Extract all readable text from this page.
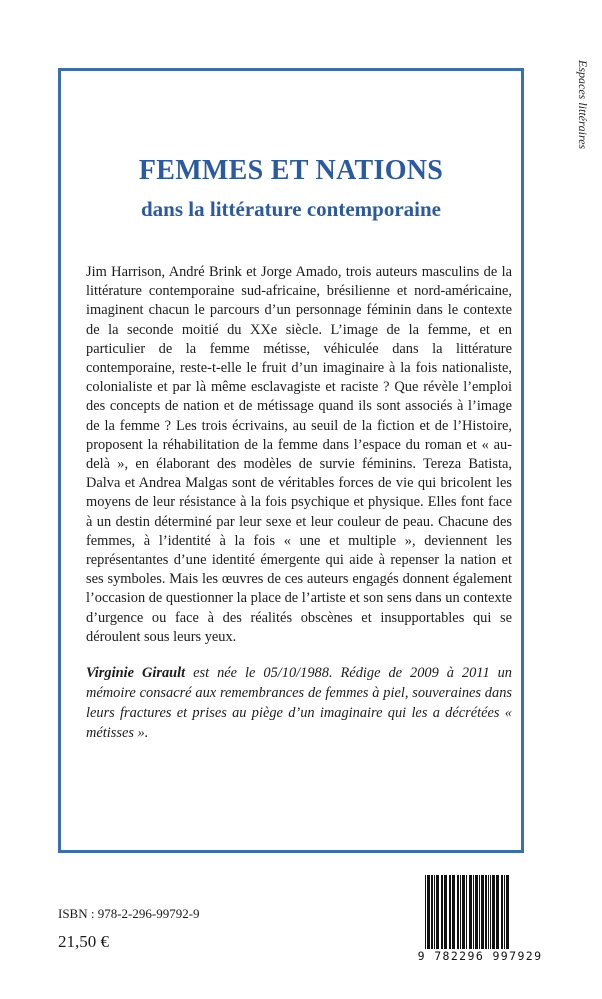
Espaces littéraires
FEMMES ET NATIONS
dans la littérature contemporaine

Jim Harrison, André Brink et Jorge Amado, trois auteurs masculins de la littérature contemporaine sud-africaine, brésilienne et nord-américaine, imaginent chacun le parcours d’un personnage féminin dans le contexte de la seconde moitié du XXe siècle. L’image de la femme, et en particulier de la femme métisse, véhiculée dans la littérature contemporaine, reste-t-elle le fruit d’un imaginaire à la fois nationaliste, colonialiste et par là même esclavagiste et raciste ? Que révèle l’emploi des concepts de nation et de métissage quand ils sont associés à l’image de la femme ? Les trois écrivains, au seuil de la fiction et de l’Histoire, proposent la réhabilitation de la femme dans l’espace du roman et « au-delà », en élaborant des modèles de survie féminins. Tereza Batista, Dalva et Andrea Malgas sont de véritables forces de vie qui bricolent les moyens de leur résistance à la fois psychique et physique. Elles font face à un destin déterminé par leur sexe et leur couleur de peau. Chacune des femmes, à l’identité à la fois « une et multiple », deviennent les représentantes d’une identité émergente qui aide à repenser la nation et ses symboles. Mais les œuvres de ces auteurs engagés donnent également l’occasion de questionner la place de l’artiste et son sens dans un contexte d’urgence ou face à des réalités obscènes et insupportables qui se déroulent sous leurs yeux.

Virginie Girault est née le 05/10/1988. Rédige de 2009 à 2011 un mémoire consacré aux remembrances de femmes à piel, souveraines dans leurs fractures et prises au piège d’un imaginaire qui les a décrétées « métisses ».

ISBN : 978-2-296-99792-9
21,50 €
9 782296 997929
